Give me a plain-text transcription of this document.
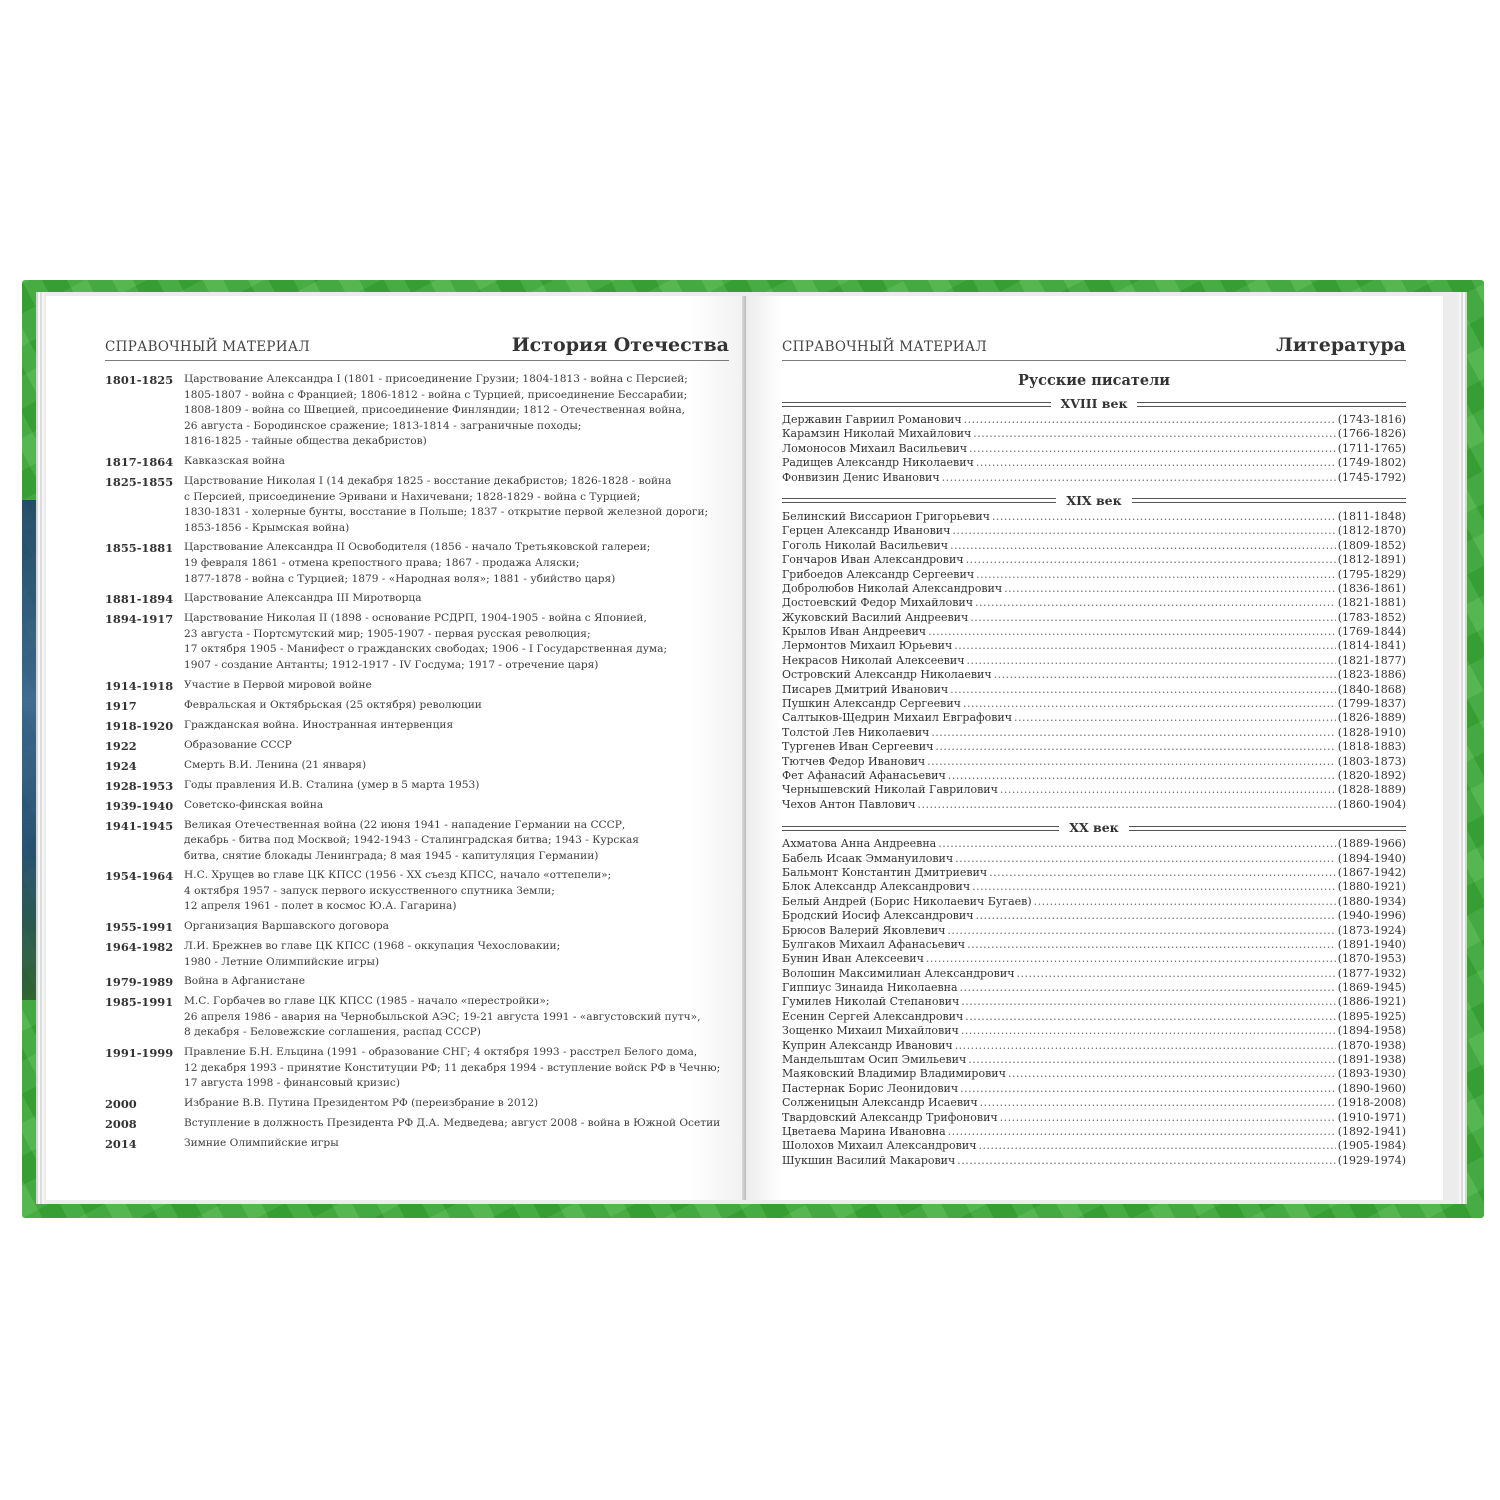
СПРАВОЧНЫЙ МАТЕРИАЛ	История Отечества
1801-1825	Царствование Александра I (1801 - присоединение Грузии; 1804-1813 - война с Персией;
1805-1807 - война с Францией; 1806-1812 - война с Турцией, присоединение Бессарабии;
1808-1809 - война со Швецией, присоединение Финляндии; 1812 - Отечественная война,
26 августа - Бородинское сражение; 1813-1814 - заграничные походы;
1816-1825 - тайные общества декабристов)
1817-1864	Кавказская война
1825-1855	Царствование Николая I (14 декабря 1825 - восстание декабристов; 1826-1828 - война
с Персией, присоединение Эривани и Нахичевани; 1828-1829 - война с Турцией;
1830-1831 - холерные бунты, восстание в Польше; 1837 - открытие первой железной дороги;
1853-1856 - Крымская война)
1855-1881	Царствование Александра II Освободителя (1856 - начало Третьяковской галереи;
19 февраля 1861 - отмена крепостного права; 1867 - продажа Аляски;
1877-1878 - война с Турцией; 1879 - «Народная воля»; 1881 - убийство царя)
1881-1894	Царствование Александра III Миротворца
1894-1917	Царствование Николая II (1898 - основание РСДРП, 1904-1905 - война с Японией,
23 августа - Портсмутский мир; 1905-1907 - первая русская революция;
17 октября 1905 - Манифест о гражданских свободах; 1906 - I Государственная дума;
1907 - создание Антанты; 1912-1917 - IV Госдума; 1917 - отречение царя)
1914-1918	Участие в Первой мировой войне
1917	Февральская и Октябрьская (25 октября) революции
1918-1920	Гражданская война. Иностранная интервенция
1922	Образование СССР
1924	Смерть В.И. Ленина (21 января)
1928-1953	Годы правления И.В. Сталина (умер в 5 марта 1953)
1939-1940	Советско-финская война
1941-1945	Великая Отечественная война (22 июня 1941 - нападение Германии на СССР,
декабрь - битва под Москвой; 1942-1943 - Сталинградская битва; 1943 - Курская
битва, снятие блокады Ленинграда; 8 мая 1945 - капитуляция Германии)
1954-1964	Н.С. Хрущев во главе ЦК КПСС (1956 - XX съезд КПСС, начало «оттепели»;
4 октября 1957 - запуск первого искусственного спутника Земли;
12 апреля 1961 - полет в космос Ю.А. Гагарина)
1955-1991	Организация Варшавского договора
1964-1982	Л.И. Брежнев во главе ЦК КПСС (1968 - оккупация Чехословакии;
1980 - Летние Олимпийские игры)
1979-1989	Война в Афганистане
1985-1991	М.С. Горбачев во главе ЦК КПСС (1985 - начало «перестройки»;
26 апреля 1986 - авария на Чернобыльской АЭС; 19-21 августа 1991 - «августовский путч»,
8 декабря - Беловежские соглашения, распад СССР)
1991-1999	Правление Б.Н. Ельцина (1991 - образование СНГ; 4 октября 1993 - расстрел Белого дома,
12 декабря 1993 - принятие Конституции РФ; 11 декабря 1994 - вступление войск РФ в Чечню;
17 августа 1998 - финансовый кризис)
2000	Избрание В.В. Путина Президентом РФ (переизбрание в 2012)
2008	Вступление в должность Президента РФ Д.А. Медведева; август 2008 - война в Южной Осетии
2014	Зимние Олимпийские игры
СПРАВОЧНЫЙ МАТЕРИАЛ	Литература
Русские писатели
XVIII век
Державин Гавриил Романович .....	(1743-1816)
Карамзин Николай Михайлович .....	(1766-1826)
Ломоносов Михаил Васильевич .....	(1711-1765)
Радищев Александр Николаевич .....	(1749-1802)
Фонвизин Денис Иванович .....	(1745-1792)
XIX век
Белинский Виссарион Григорьевич .....	(1811-1848)
Герцен Александр Иванович .....	(1812-1870)
Гоголь Николай Васильевич .....	(1809-1852)
Гончаров Иван Александрович .....	(1812-1891)
Грибоедов Александр Сергеевич .....	(1795-1829)
Добролюбов Николай Александрович .....	(1836-1861)
Достоевский Федор Михайлович .....	(1821-1881)
Жуковский Василий Андреевич .....	(1783-1852)
Крылов Иван Андреевич .....	(1769-1844)
Лермонтов Михаил Юрьевич .....	(1814-1841)
Некрасов Николай Алексеевич .....	(1821-1877)
Островский Александр Николаевич .....	(1823-1886)
Писарев Дмитрий Иванович .....	(1840-1868)
Пушкин Александр Сергеевич .....	(1799-1837)
Салтыков-Щедрин Михаил Евграфович .....	(1826-1889)
Толстой Лев Николаевич .....	(1828-1910)
Тургенев Иван Сергеевич .....	(1818-1883)
Тютчев Федор Иванович .....	(1803-1873)
Фет Афанасий Афанасьевич .....	(1820-1892)
Чернышевский Николай Гаврилович .....	(1828-1889)
Чехов Антон Павлович .....	(1860-1904)
XX век
Ахматова Анна Андреевна .....	(1889-1966)
Бабель Исаак Эммануилович .....	(1894-1940)
Бальмонт Константин Дмитриевич .....	(1867-1942)
Блок Александр Александрович .....	(1880-1921)
Белый Андрей (Борис Николаевич Бугаев) .....	(1880-1934)
Бродский Иосиф Александрович .....	(1940-1996)
Брюсов Валерий Яковлевич .....	(1873-1924)
Булгаков Михаил Афанасьевич .....	(1891-1940)
Бунин Иван Алексеевич .....	(1870-1953)
Волошин Максимилиан Александрович .....	(1877-1932)
Гиппиус Зинаида Николаевна .....	(1869-1945)
Гумилев Николай Степанович .....	(1886-1921)
Есенин Сергей Александрович .....	(1895-1925)
Зощенко Михаил Михайлович .....	(1894-1958)
Куприн Александр Иванович .....	(1870-1938)
Мандельштам Осип Эмильевич .....	(1891-1938)
Маяковский Владимир Владимирович .....	(1893-1930)
Пастернак Борис Леонидович .....	(1890-1960)
Солженицын Александр Исаевич .....	(1918-2008)
Твардовский Александр Трифонович .....	(1910-1971)
Цветаева Марина Ивановна .....	(1892-1941)
Шолохов Михаил Александрович .....	(1905-1984)
Шукшин Василий Макарович .....	(1929-1974)
